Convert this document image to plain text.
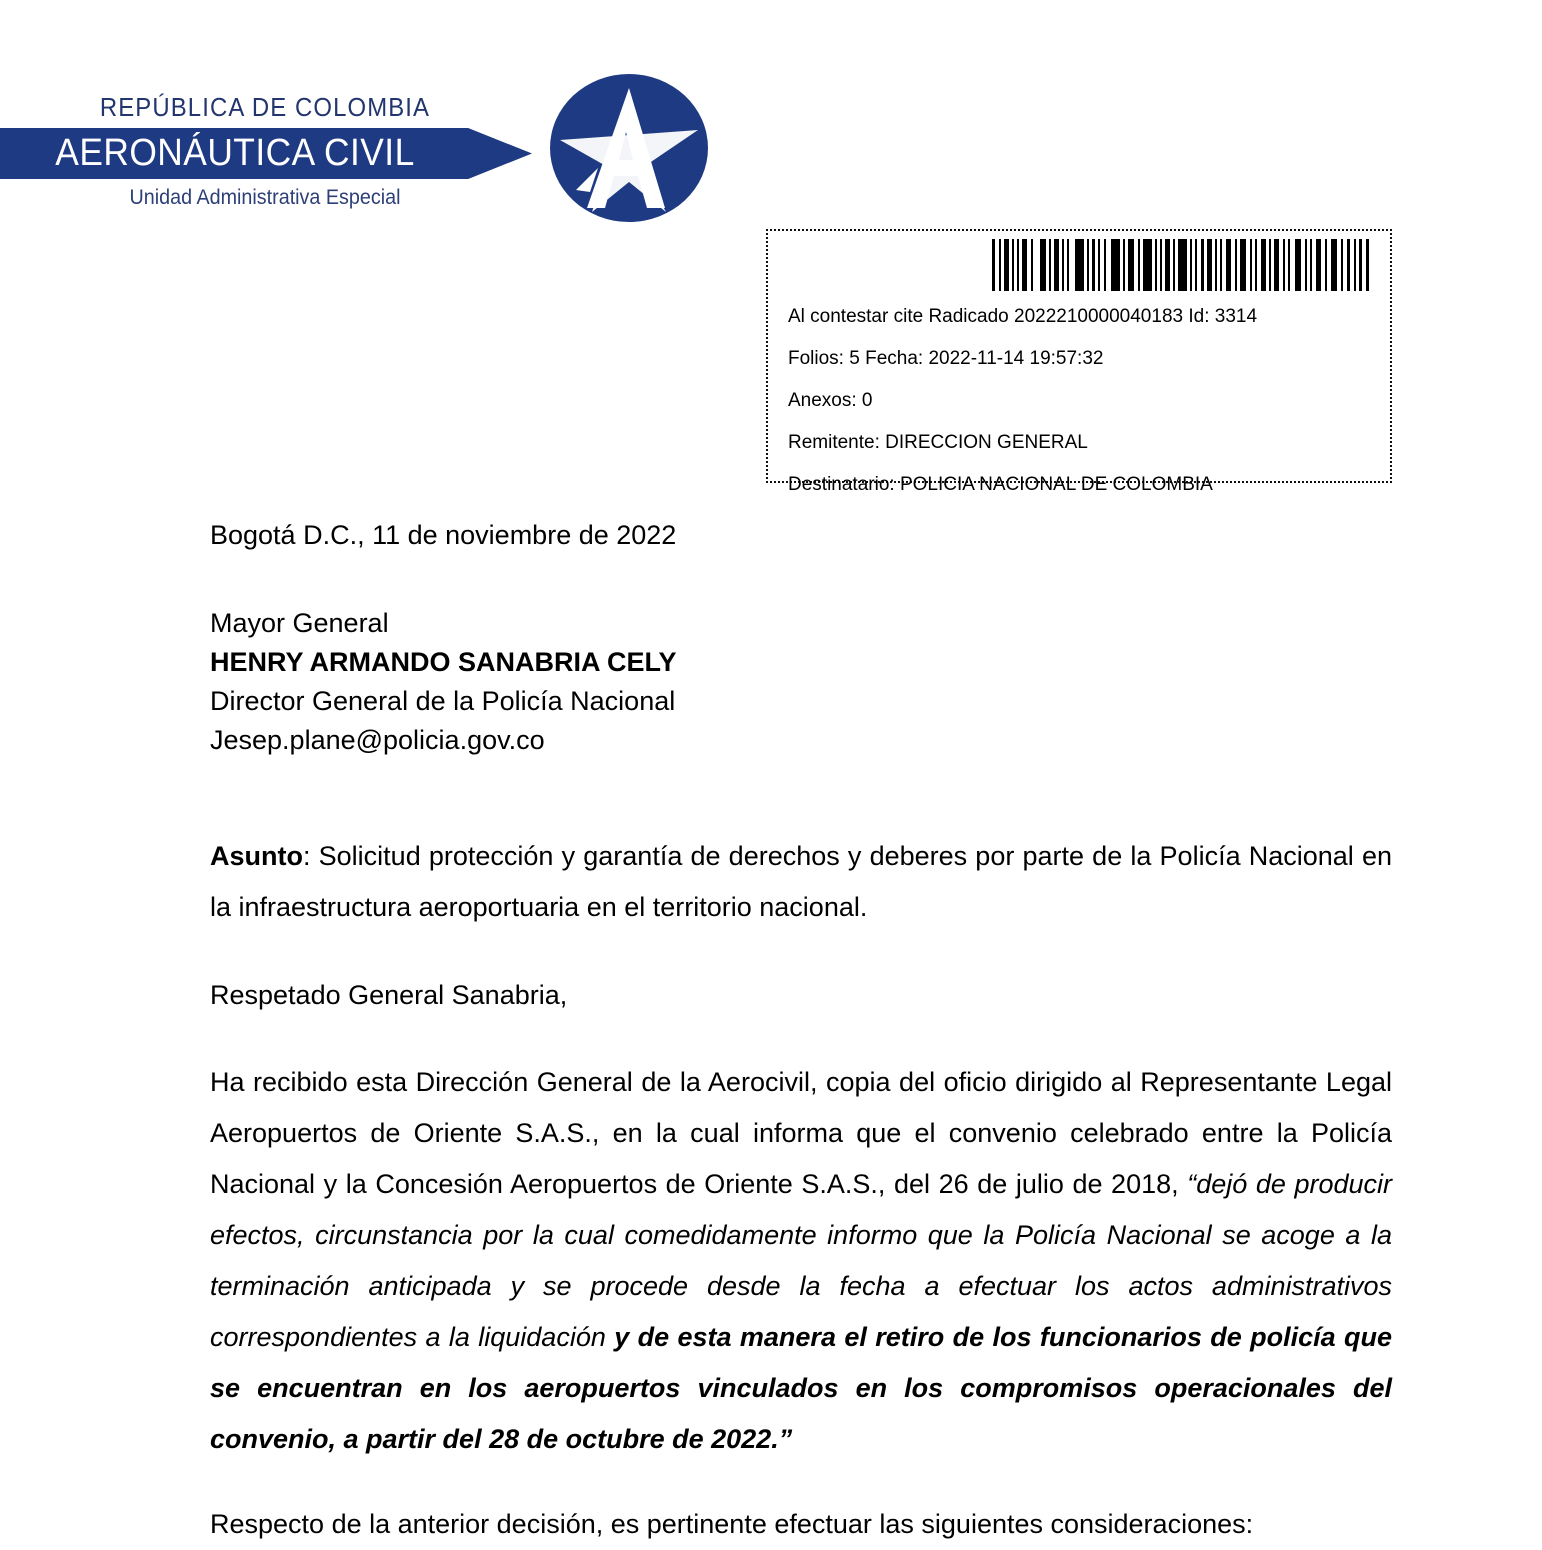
REPÚBLICA DE COLOMBIA
AERONÁUTICA CIVIL
Unidad Administrativa Especial
Al contestar cite Radicado 2022210000040183 Id: 3314
Folios: 5 Fecha: 2022-11-14 19:57:32
Anexos: 0
Remitente: DIRECCION GENERAL
Destinatario: POLICIA NACIONAL DE COLOMBIA
Bogotá D.C., 11 de noviembre de 2022
Mayor General
HENRY ARMANDO SANABRIA CELY
Director General de la Policía Nacional
Jesep.plane@policia.gov.co
Asunto: Solicitud protección y garantía de derechos y deberes por parte de la Policía Nacional en la infraestructura aeroportuaria en el territorio nacional.
Respetado General Sanabria,
Ha recibido esta Dirección General de la Aerocivil, copia del oficio dirigido al Representante Legal Aeropuertos de Oriente S.A.S., en la cual informa que el convenio celebrado entre la Policía Nacional y la Concesión Aeropuertos de Oriente S.A.S., del 26 de julio de 2018, “dejó de producir efectos, circunstancia por la cual comedidamente informo que la Policía Nacional se acoge a la terminación anticipada y se procede desde la fecha a efectuar los actos administrativos correspondientes a la liquidación y de esta manera el retiro de los funcionarios de policía que se encuentran en los aeropuertos vinculados en los compromisos operacionales del convenio, a partir del 28 de octubre de 2022.”
Respecto de la anterior decisión, es pertinente efectuar las siguientes consideraciones:
